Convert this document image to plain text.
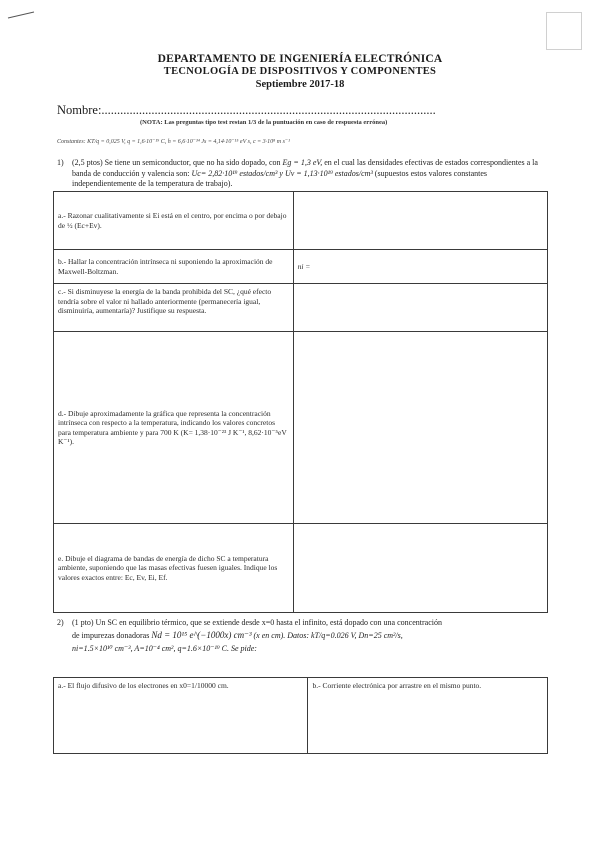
DEPARTAMENTO DE INGENIERÍA ELECTRÓNICA
TECNOLOGÍA DE DISPOSITIVOS Y COMPONENTES
Septiembre 2017-18
Nombre:...........................................................................................................
(NOTA: Las preguntas tipo test restan 1/3 de la puntuación en caso de respuesta errónea)
Constantes: KT/q = 0,025 V, q = 1,6·10⁻¹⁹ C, h = 6,6·10⁻³⁴ Js = 4,14·10⁻¹⁵ eV s, c = 3·10⁸ m s⁻¹
1)	(2,5 ptos) Se tiene un semiconductor, que no ha sido dopado, con Eg = 1,3 eV, en el cual las densidades efectivas de estados correspondientes a la banda de conducción y valencia son: Uc= 2,82·10¹⁹ estados/cm³ y Uv = 1,13·10¹⁹ estados/cm³ (supuestos estos valores constantes independientemente de la temperatura de trabajo).
a.- Razonar cualitativamente si Ei está en el centro, por encima o por debajo de ½ (Ec+Ev).	
b.- Hallar la concentración intrínseca ni suponiendo la aproximación de Maxwell-Boltzman.	ni =
c.- Si disminuyese la energía de la banda prohibida del SC, ¿qué efecto tendría sobre el valor ni hallado anteriormente (permanecería igual, disminuiría, aumentaría)? Justifique su respuesta.	
d.- Dibuje aproximadamente la gráfica que representa la concentración intrínseca con respecto a la temperatura, indicando los valores concretos para temperatura ambiente y para 700 K (K= 1,38·10⁻²³ J K⁻¹, 8,62·10⁻⁵eV K⁻¹).	
e. Dibuje el diagrama de bandas de energía de dicho SC a temperatura ambiente, suponiendo que las masas efectivas fuesen iguales. Indique los valores exactos entre: Ec, Ev, Ei, Ef.	
2) (1 pto) Un SC en equilibrio térmico, que se extiende desde x=0 hasta el infinito, está dopado con una concentración
de impurezas donadoras Nd = 10¹⁵ e^(−1000x) cm⁻³ (x en cm). Datos: kT/q=0.026 V, Dn=25 cm²/s,
ni=1.5×10¹⁰ cm⁻³, A=10⁻⁴ cm², q=1.6×10⁻¹⁹ C. Se pide:
a.- El flujo difusivo de los electrones en x0=1/10000 cm.	b.- Corriente electrónica por arrastre en el mismo punto.
